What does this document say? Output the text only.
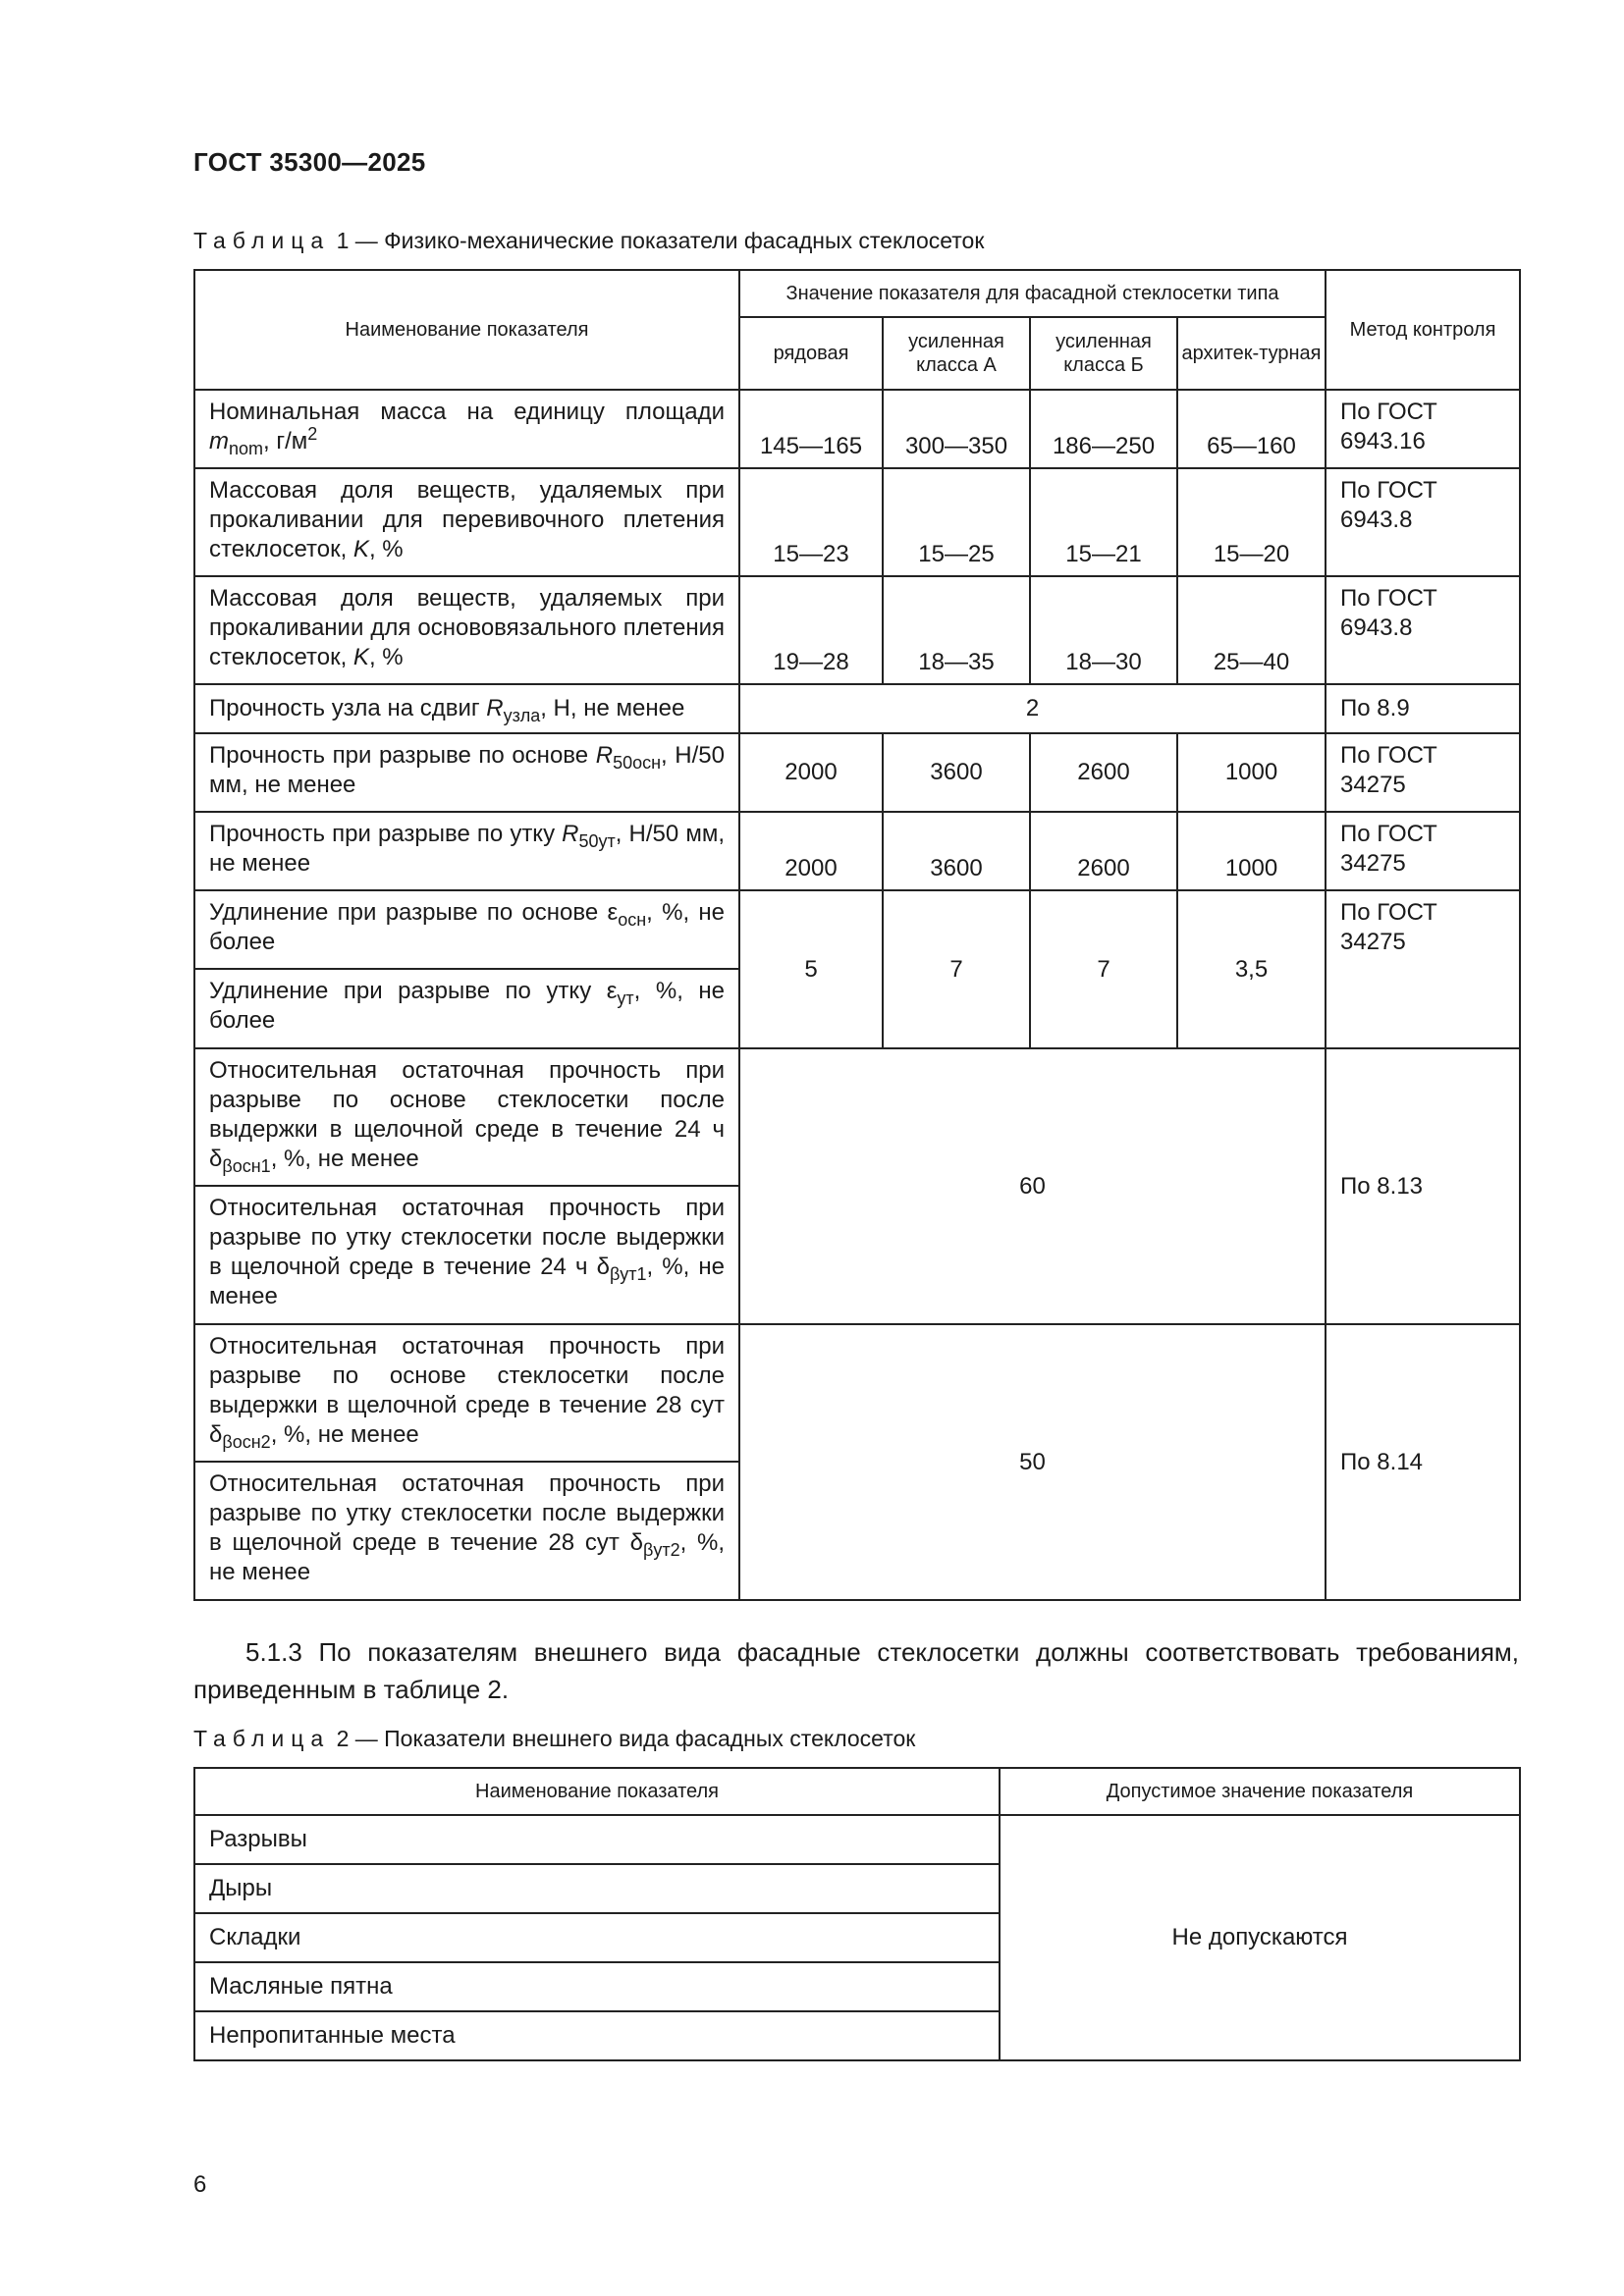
ГОСТ 35300—2025
Таблица 1 — Физико-механические показатели фасадных стеклосеток
Наименование показателя	Значение показателя для фасадной стеклосетки типа				Метод контроля
	рядовая	усиленная класса А	усиленная класса Б	архитек-турная	
Номинальная масса на единицу площади $m_{nom}$, $г/м^2$	145—165	300—350	186—250	65—160	По ГОСТ 6943.16
Массовая доля веществ, удаляемых при прокаливании для перевивочного плетения стеклосеток, K, %	15—23	15—25	15—21	15—20	По ГОСТ 6943.8
Массовая доля веществ, удаляемых при прокаливании для основовязального плетения стеклосеток, K, %	19—28	18—35	18—30	25—40	По ГОСТ 6943.8
Прочность узла на сдвиг $R_{узла}$, Н, не менее	2				По 8.9
Прочность при разрыве по основе $R_{50осн}$, Н/50 мм, не менее	2000	3600	2600	1000	По ГОСТ 34275
Прочность при разрыве по утку $R_{50ут}$, Н/50 мм, не менее	2000	3600	2600	1000	По ГОСТ 34275
Удлинение при разрыве по основе $\varepsilon_{осн}$, %, не более	5	7	7	3,5	По ГОСТ 34275
Удлинение при разрыве по утку $\varepsilon_{ут}$, %, не более					
Относительная остаточная прочность при разрыве по основе стеклосетки после выдержки в щелочной среде в течение 24 ч $\delta_{\beta осн1}$, %, не менее	60				По 8.13
Относительная остаточная прочность при разрыве по утку стеклосетки после выдержки в щелочной среде в течение 24 ч $\delta_{\beta ут1}$, %, не менее					
Относительная остаточная прочность при разрыве по основе стеклосетки после выдержки в щелочной среде в течение 28 сут $\delta_{\beta осн2}$, %, не менее	50				По 8.14
Относительная остаточная прочность при разрыве по утку стеклосетки после выдержки в щелочной среде в течение 28 сут $\delta_{\beta ут2}$, %, не менее					
5.1.3 По показателям внешнего вида фасадные стеклосетки должны соответствовать требованиям, приведенным в таблице 2.
Таблица 2 — Показатели внешнего вида фасадных стеклосеток
Наименование показателя	Допустимое значение показателя
Разрывы	Не допускаются
Дыры	
Складки	
Масляные пятна	
Непропитанные места	
6
